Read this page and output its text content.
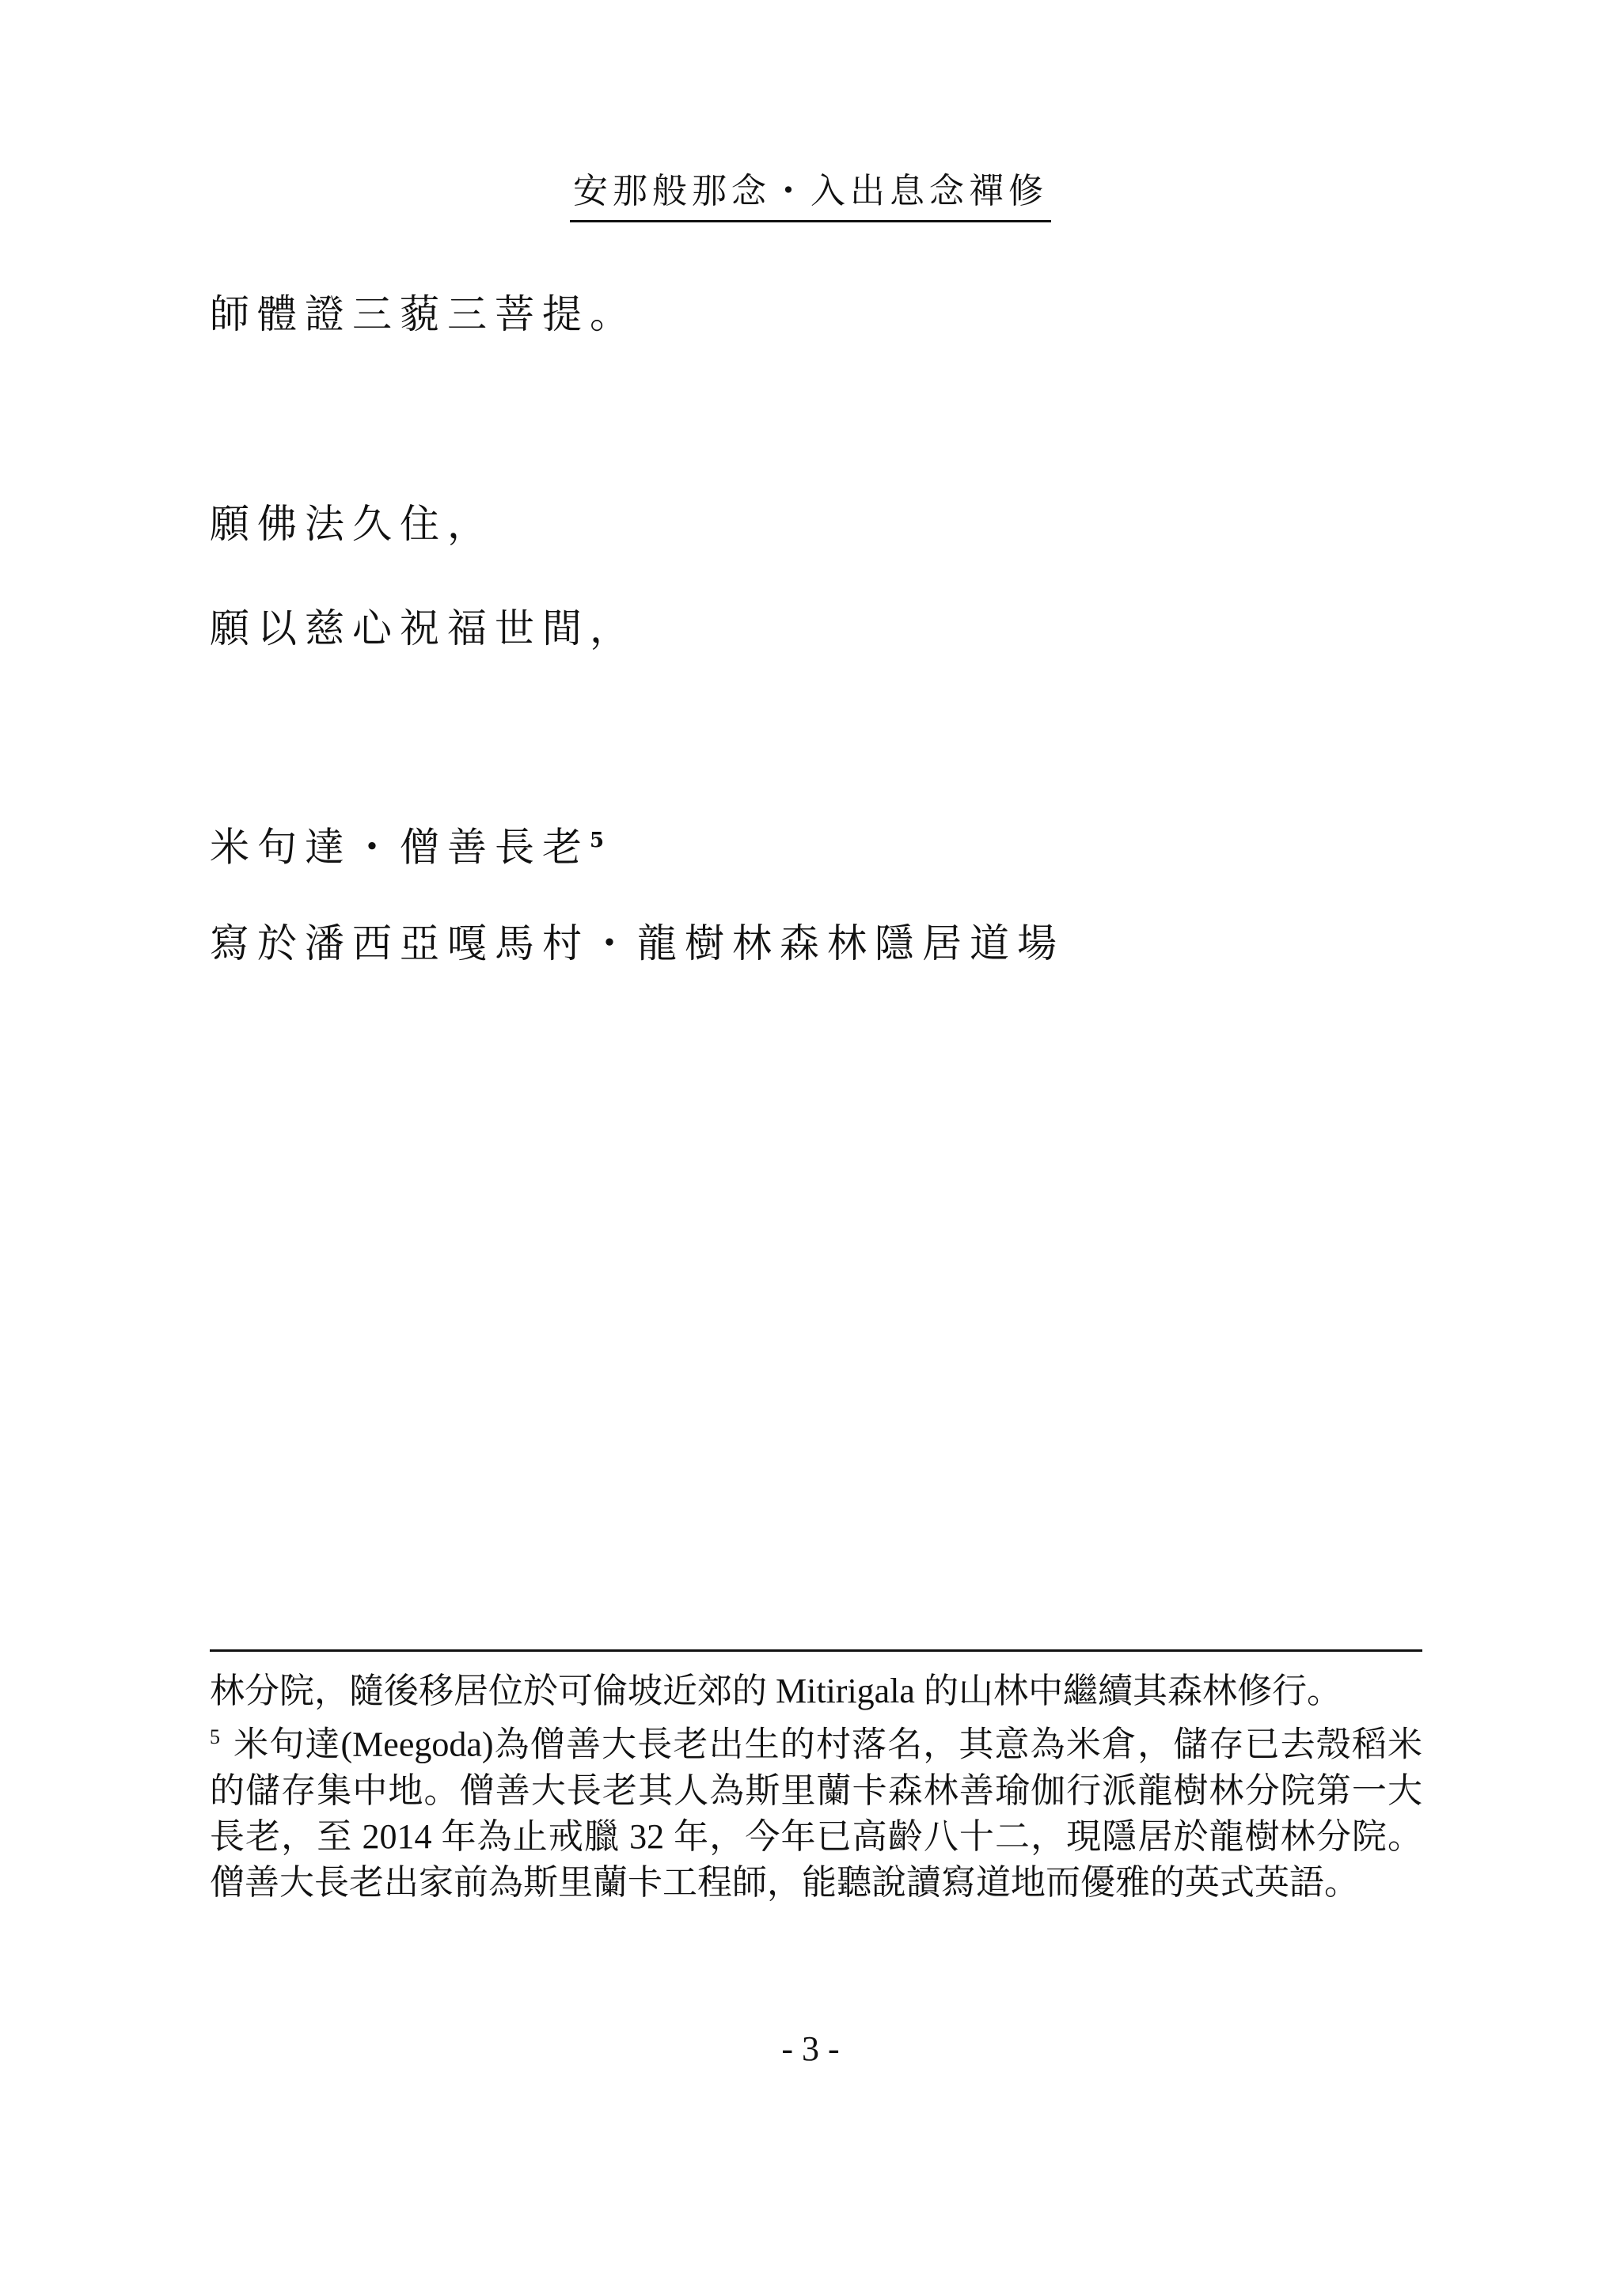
安那般那念・入出息念禪修
師體證三藐三菩提。
願佛法久住，
願以慈心祝福世間，
米句達・僧善長老$^5$
寫於潘西亞嘎馬村・龍樹林森林隱居道場

林分院，隨後移居位於可倫坡近郊的 Mitirigala 的山林中繼續其森林修行。

$^5$ 米句達(Meegoda)為僧善大長老出生的村落名，其意為米倉，儲存已去殼稻米的儲存集中地。僧善大長老其人為斯里蘭卡森林善瑜伽行派龍樹林分院第一大長老，至 2014 年為止戒臘 32 年，今年已高齡八十二，現隱居於龍樹林分院。僧善大長老出家前為斯里蘭卡工程師，能聽說讀寫道地而優雅的英式英語。

- 3 -
